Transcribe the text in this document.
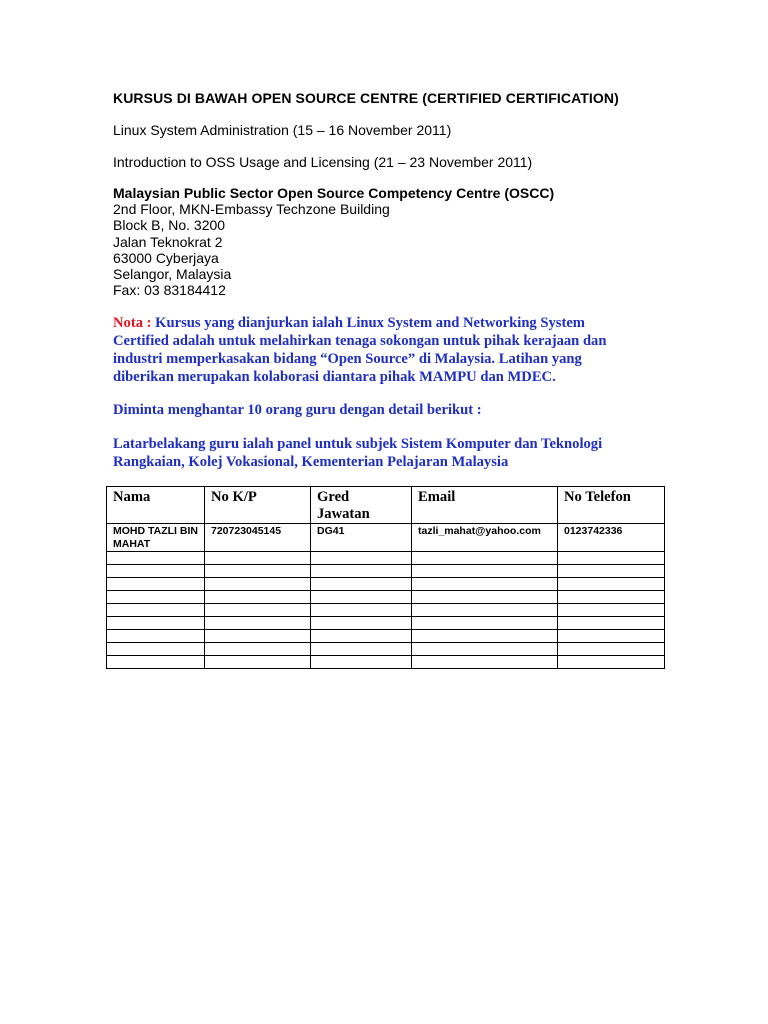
KURSUS DI BAWAH OPEN SOURCE CENTRE (CERTIFIED CERTIFICATION)
Linux System Administration (15 – 16 November 2011)
Introduction to OSS Usage and Licensing (21 – 23 November 2011)
Malaysian Public Sector Open Source Competency Centre (OSCC)
2nd Floor, MKN-Embassy Techzone Building
Block B, No. 3200
Jalan Teknokrat 2
63000 Cyberjaya
Selangor, Malaysia
Fax: 03 83184412
Nota : Kursus yang dianjurkan ialah Linux System and Networking System Certified adalah untuk melahirkan tenaga sokongan untuk pihak kerajaan dan industri memperkasakan bidang “Open Source” di Malaysia. Latihan yang diberikan merupakan kolaborasi diantara pihak MAMPU dan MDEC.
Diminta menghantar 10 orang guru dengan detail berikut :
Latarbelakang guru ialah panel untuk subjek Sistem Komputer dan Teknologi Rangkaian, Kolej Vokasional, Kementerian Pelajaran Malaysia
Nama	No K/P	Gred Jawatan	Email	No Telefon
MOHD TAZLI BIN MAHAT	720723045145	DG41	tazli_mahat@yahoo.com	0123742336
